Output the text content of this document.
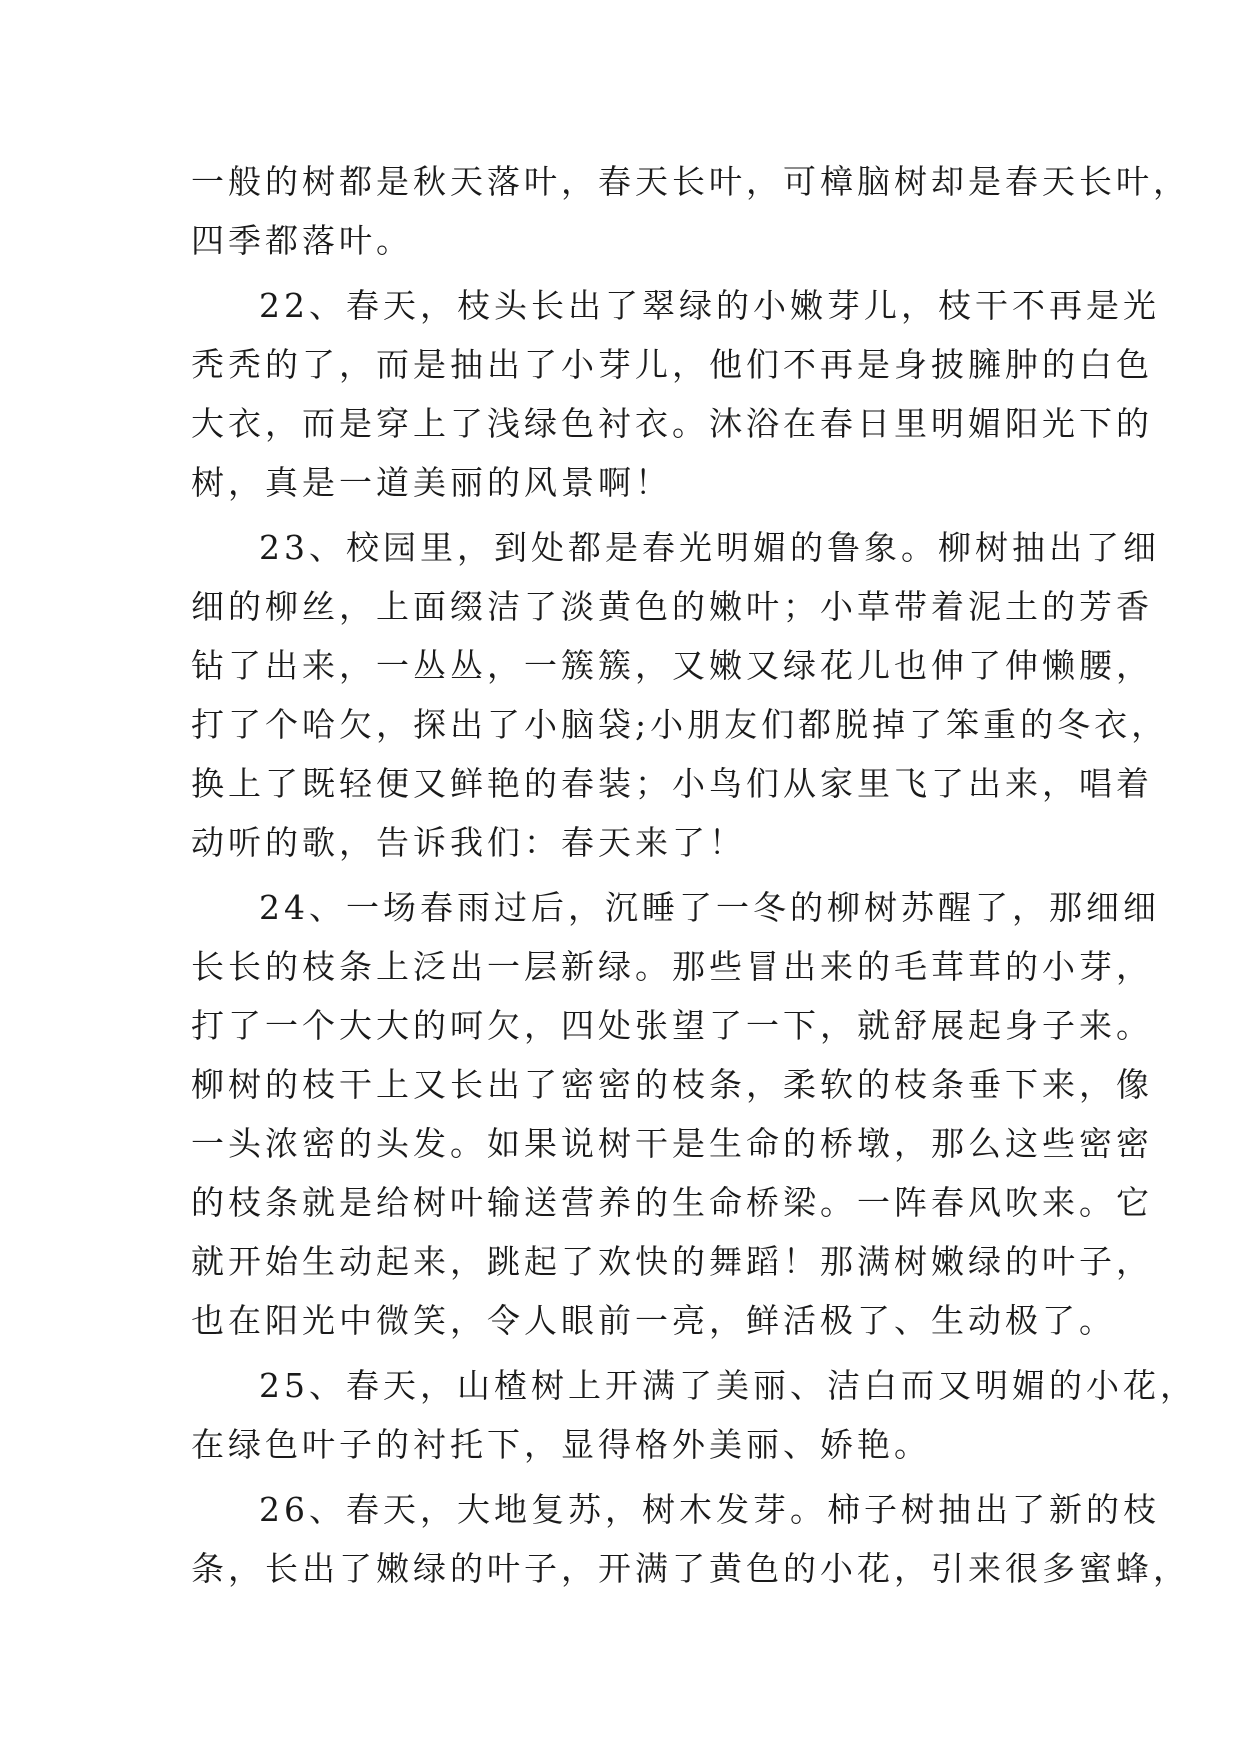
一般的树都是秋天落叶，春天长叶，可樟脑树却是春天长叶，
四季都落叶。
22、春天，枝头长出了翠绿的小嫩芽儿，枝干不再是光
秃秃的了，而是抽出了小芽儿，他们不再是身披臃肿的白色
大衣，而是穿上了浅绿色衬衣。沐浴在春日里明媚阳光下的
树，真是一道美丽的风景啊！
23、校园里，到处都是春光明媚的鲁象。柳树抽出了细
细的柳丝，上面缀洁了淡黄色的嫩叶；小草带着泥土的芳香
钻了出来，一丛丛，一簇簇，又嫩又绿花儿也伸了伸懒腰，
打了个哈欠，探出了小脑袋;小朋友们都脱掉了笨重的冬衣，
换上了既轻便又鲜艳的春装；小鸟们从家里飞了出来，唱着
动听的歌，告诉我们：春天来了！
24、一场春雨过后，沉睡了一冬的柳树苏醒了，那细细
长长的枝条上泛出一层新绿。那些冒出来的毛茸茸的小芽，
打了一个大大的呵欠，四处张望了一下，就舒展起身子来。
柳树的枝干上又长出了密密的枝条，柔软的枝条垂下来，像
一头浓密的头发。如果说树干是生命的桥墩，那么这些密密
的枝条就是给树叶输送营养的生命桥梁。一阵春风吹来。它
就开始生动起来，跳起了欢快的舞蹈！那满树嫩绿的叶子，
也在阳光中微笑，令人眼前一亮，鲜活极了、生动极了。
25、春天，山楂树上开满了美丽、洁白而又明媚的小花，
在绿色叶子的衬托下，显得格外美丽、娇艳。
26、春天，大地复苏，树木发芽。柿子树抽出了新的枝
条，长出了嫩绿的叶子，开满了黄色的小花，引来很多蜜蜂，
